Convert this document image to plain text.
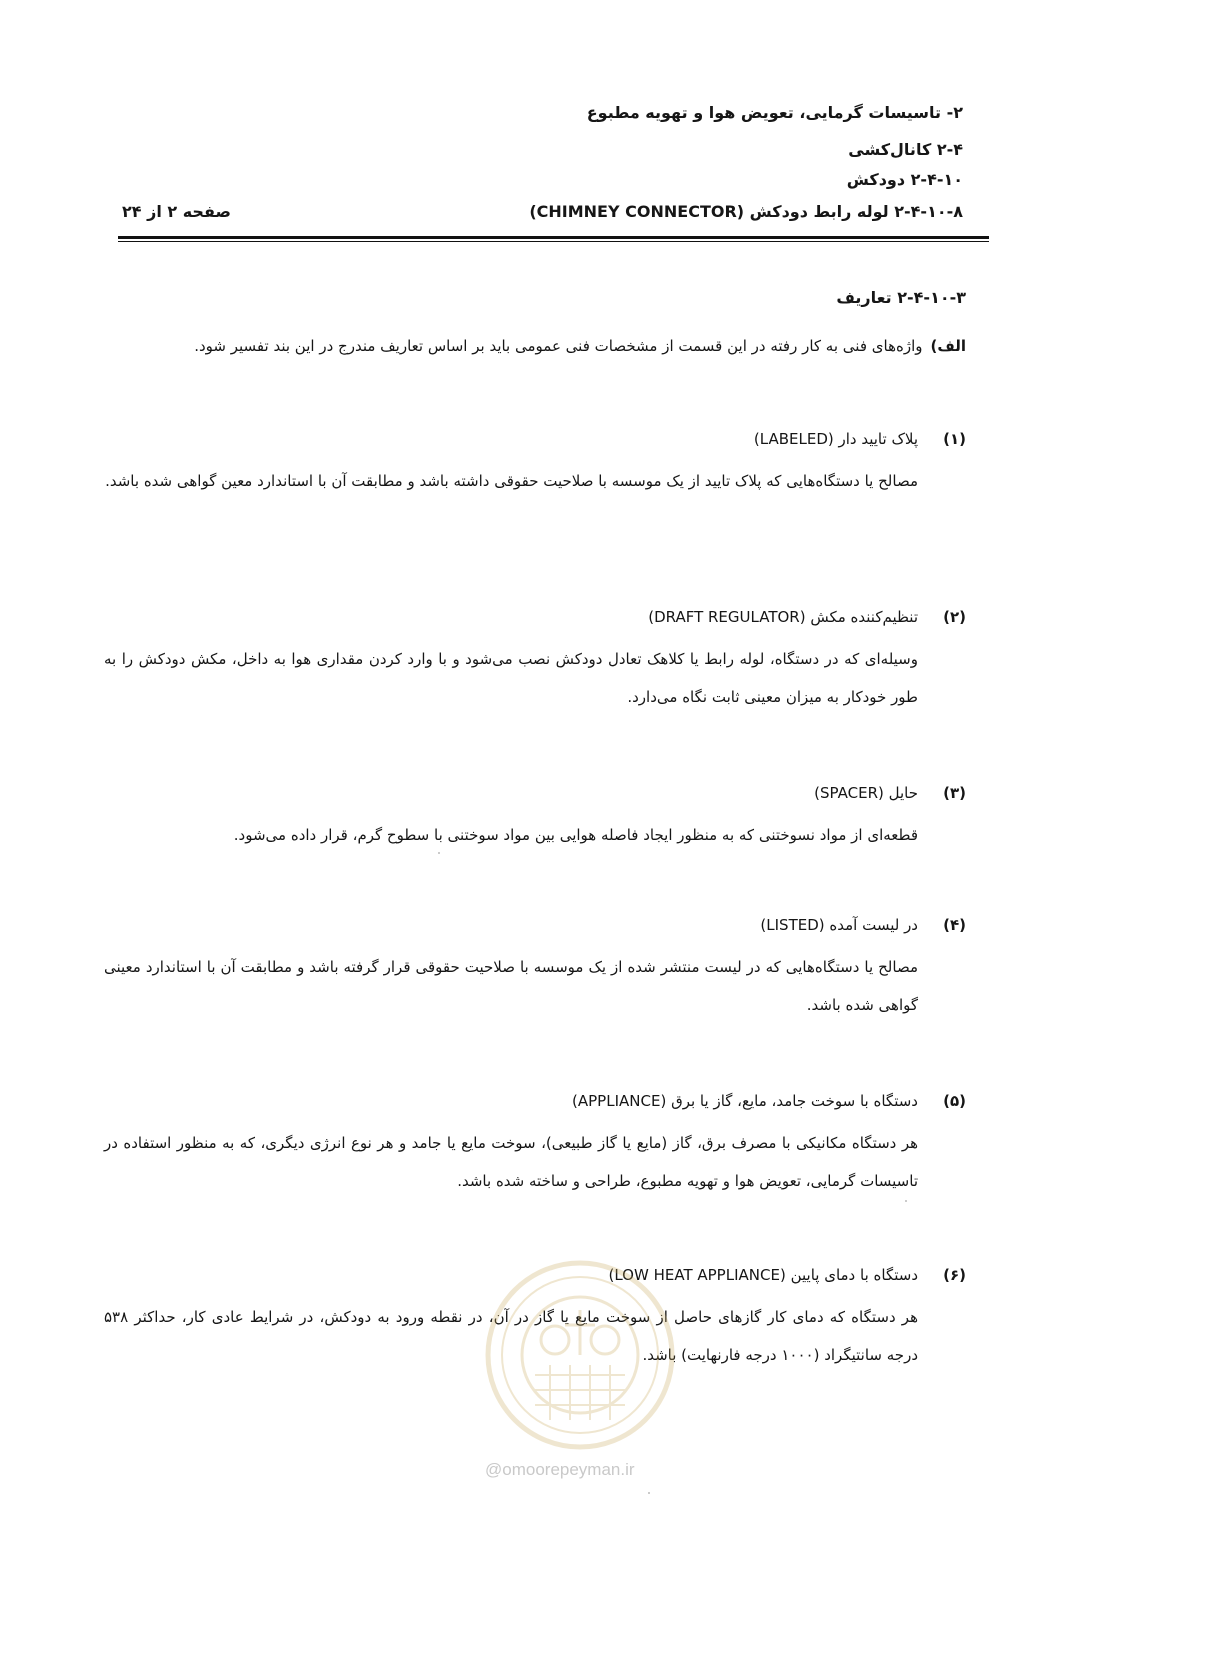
۲- تاسیسات گرمایی، تعویض هوا و تهویه مطبوع
۲-۴ کانال‌کشی
۲-۴-۱۰ دودکش
۲-۴-۱۰-۸ لوله رابط دودکش (CHIMNEY CONNECTOR)
صفحه ۲ از ۲۴
۲-۴-۱۰-۳ تعاریف
الف)واژه‌های فنی به کار رفته در این قسمت از مشخصات فنی عمومی باید بر اساس تعاریف مندرج در این بند تفسیر شود.

(۱)پلاک تایید دار (LABELED)

مصالح یا دستگاه‌هایی که پلاک تایید از یک موسسه با صلاحیت حقوقی داشته باشد و مطابقت آن با استاندارد معین گواهی شده باشد.

(۲)تنظیم‌کننده مکش (DRAFT REGULATOR)

وسیله‌ای که در دستگاه، لوله رابط یا کلاهک تعادل دودکش نصب می‌شود و با وارد کردن مقداری هوا به داخل، مکش دودکش را به طور خودکار به میزان معینی ثابت نگاه می‌دارد.

(۳)حایل (SPACER)

قطعه‌ای از مواد نسوختنی که به منظور ایجاد فاصله هوایی بین مواد سوختنی با سطوح گرم، قرار داده می‌شود.

(۴)در لیست آمده (LISTED)

مصالح یا دستگاه‌هایی که در لیست منتشر شده از یک موسسه با صلاحیت حقوقی قرار گرفته باشد و مطابقت آن با استاندارد معینی گواهی شده باشد.

(۵)دستگاه با سوخت جامد، مایع، گاز یا برق (APPLIANCE)

هر دستگاه مکانیکی با مصرف برق، گاز (مایع یا گاز طبیعی)، سوخت مایع یا جامد و هر نوع انرژی دیگری، که به منظور استفاده در تاسیسات گرمایی، تعویض هوا و تهویه مطبوع، طراحی و ساخته شده باشد.

(۶)دستگاه با دمای پایین (LOW HEAT APPLIANCE)

هر دستگاه که دمای کار گازهای حاصل از سوخت مایع یا گاز در آن، در نقطه ورود به دودکش، در شرایط عادی کار، حداکثر ۵۳۸ درجه سانتیگراد (۱۰۰۰ درجه فارنهایت) باشد.

@omoorepeyman.ir
